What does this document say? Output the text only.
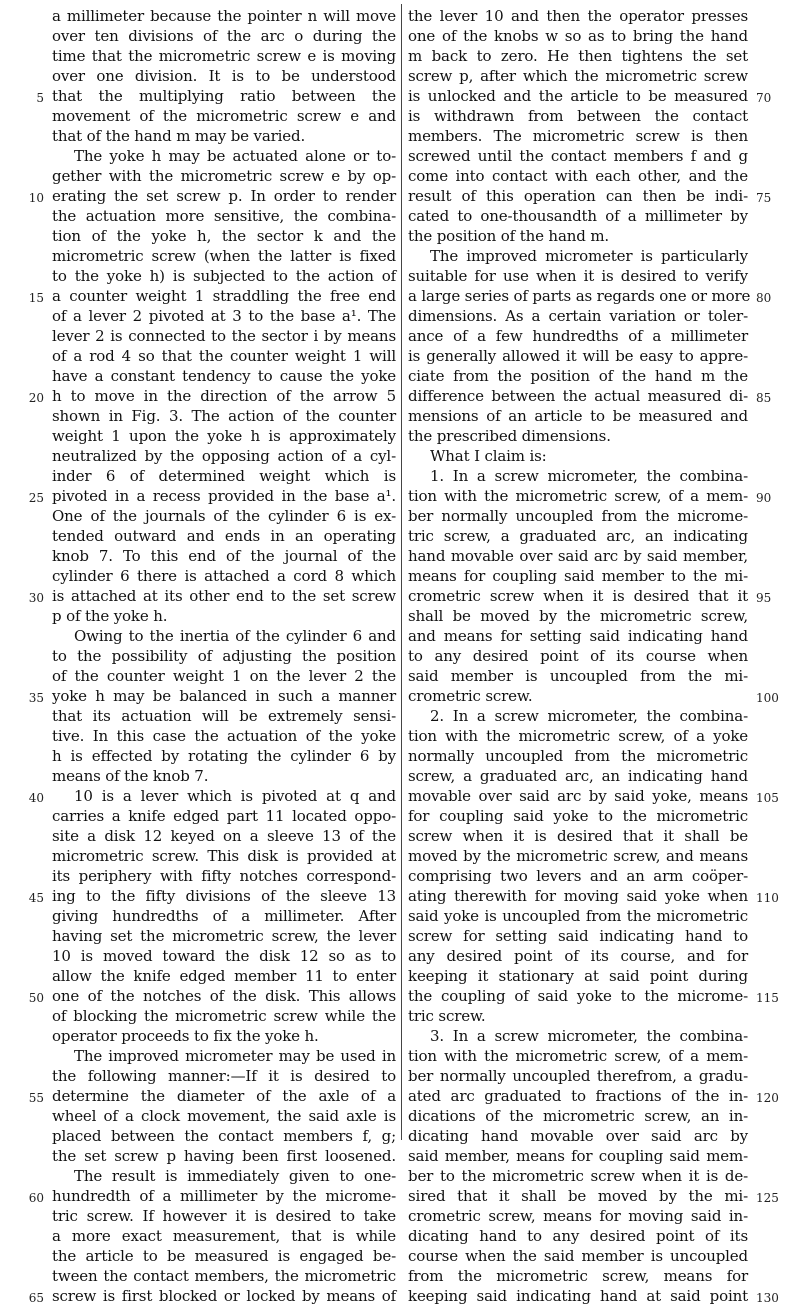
a millimeter because the pointer n will move
over ten divisions of the arc o during the
time that the micrometric screw e is moving
over one division. It is to be understood
that the multiplying ratio between the
movement of the micrometric screw e and
that of the hand m may be varied.
The yoke h may be actuated alone or to-
gether with the micrometric screw e by op-
erating the set screw p. In order to render
the actuation more sensitive, the combina-
tion of the yoke h, the sector k and the
micrometric screw (when the latter is fixed
to the yoke h) is subjected to the action of
a counter weight 1 straddling the free end
of a lever 2 pivoted at 3 to the base a¹. The
lever 2 is connected to the sector i by means
of a rod 4 so that the counter weight 1 will
have a constant tendency to cause the yoke
h to move in the direction of the arrow 5
shown in Fig. 3. The action of the counter
weight 1 upon the yoke h is approximately
neutralized by the opposing action of a cyl-
inder 6 of determined weight which is
pivoted in a recess provided in the base a¹.
One of the journals of the cylinder 6 is ex-
tended outward and ends in an operating
knob 7. To this end of the journal of the
cylinder 6 there is attached a cord 8 which
is attached at its other end to the set screw
p of the yoke h.
Owing to the inertia of the cylinder 6 and
to the possibility of adjusting the position
of the counter weight 1 on the lever 2 the
yoke h may be balanced in such a manner
that its actuation will be extremely sensi-
tive. In this case the actuation of the yoke
h is effected by rotating the cylinder 6 by
means of the knob 7.
10 is a lever which is pivoted at q and
carries a knife edged part 11 located oppo-
site a disk 12 keyed on a sleeve 13 of the
micrometric screw. This disk is provided at
its periphery with fifty notches correspond-
ing to the fifty divisions of the sleeve 13
giving hundredths of a millimeter. After
having set the micrometric screw, the lever
10 is moved toward the disk 12 so as to
allow the knife edged member 11 to enter
one of the notches of the disk. This allows
of blocking the micrometric screw while the
operator proceeds to fix the yoke h.
The improved micrometer may be used in
the following manner:—If it is desired to
determine the diameter of the axle of a
wheel of a clock movement, the said axle is
placed between the contact members f, g;
the set screw p having been first loosened.
The result is immediately given to one-
hundredth of a millimeter by the microme-
tric screw. If however it is desired to take
a more exact measurement, that is while
the article to be measured is engaged be-
tween the contact members, the micrometric
screw is first blocked or locked by means of
the lever 10 and then the operator presses
one of the knobs w so as to bring the hand
m back to zero. He then tightens the set
screw p, after which the micrometric screw
is unlocked and the article to be measured
is withdrawn from between the contact
members. The micrometric screw is then
screwed until the contact members f and g
come into contact with each other, and the
result of this operation can then be indi-
cated to one-thousandth of a millimeter by
the position of the hand m.
The improved micrometer is particularly
suitable for use when it is desired to verify
a large series of parts as regards one or more
dimensions. As a certain variation or toler-
ance of a few hundredths of a millimeter
is generally allowed it will be easy to appre-
ciate from the position of the hand m the
difference between the actual measured di-
mensions of an article to be measured and
the prescribed dimensions.
What I claim is:
1. In a screw micrometer, the combina-
tion with the micrometric screw, of a mem-
ber normally uncoupled from the microme-
tric screw, a graduated arc, an indicating
hand movable over said arc by said member,
means for coupling said member to the mi-
crometric screw when it is desired that it
shall be moved by the micrometric screw,
and means for setting said indicating hand
to any desired point of its course when
said member is uncoupled from the mi-
crometric screw.
2. In a screw micrometer, the combina-
tion with the micrometric screw, of a yoke
normally uncoupled from the micrometric
screw, a graduated arc, an indicating hand
movable over said arc by said yoke, means
for coupling said yoke to the micrometric
screw when it is desired that it shall be
moved by the micrometric screw, and means
comprising two levers and an arm coöper-
ating therewith for moving said yoke when
said yoke is uncoupled from the micrometric
screw for setting said indicating hand to
any desired point of its course, and for
keeping it stationary at said point during
the coupling of said yoke to the microme-
tric screw.
3. In a screw micrometer, the combina-
tion with the micrometric screw, of a mem-
ber normally uncoupled therefrom, a gradu-
ated arc graduated to fractions of the in-
dications of the micrometric screw, an in-
dicating hand movable over said arc by
said member, means for coupling said mem-
ber to the micrometric screw when it is de-
sired that it shall be moved by the mi-
crometric screw, means for moving said in-
dicating hand to any desired point of its
course when the said member is uncoupled
from the micrometric screw, means for
keeping said indicating hand at said point
5
10
15
20
25
30
35
40
45
50
55
60
65
70
75
80
85
90
95
100
105
110
115
120
125
130
